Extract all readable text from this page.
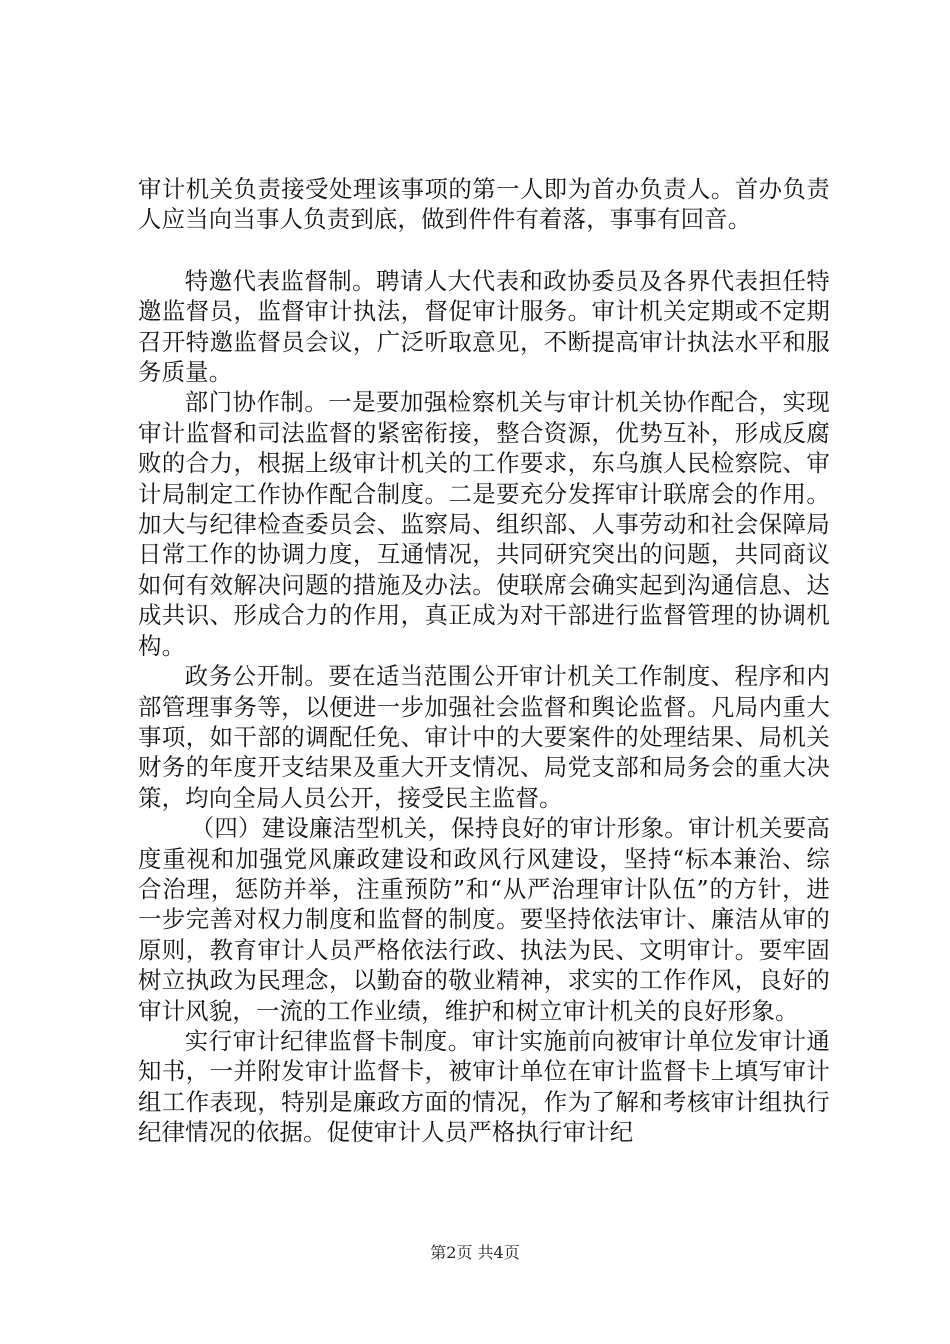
审计机关负责接受处理该事项的第一人即为首办负责人。首办负责人应当向当事人负责到底，做到件件有着落，事事有回音。

特邀代表监督制。聘请人大代表和政协委员及各界代表担任特邀监督员，监督审计执法，督促审计服务。审计机关定期或不定期召开特邀监督员会议，广泛听取意见，不断提高审计执法水平和服务质量。

部门协作制。一是要加强检察机关与审计机关协作配合，实现审计监督和司法监督的紧密衔接，整合资源，优势互补，形成反腐败的合力，根据上级审计机关的工作要求，东乌旗人民检察院、审计局制定工作协作配合制度。二是要充分发挥审计联席会的作用。加大与纪律检查委员会、监察局、组织部、人事劳动和社会保障局日常工作的协调力度，互通情况，共同研究突出的问题，共同商议如何有效解决问题的措施及办法。使联席会确实起到沟通信息、达成共识、形成合力的作用，真正成为对干部进行监督管理的协调机构。

政务公开制。要在适当范围公开审计机关工作制度、程序和内部管理事务等，以便进一步加强社会监督和舆论监督。凡局内重大事项，如干部的调配任免、审计中的大要案件的处理结果、局机关财务的年度开支结果及重大开支情况、局党支部和局务会的重大决策，均向全局人员公开，接受民主监督。

（四）建设廉洁型机关，保持良好的审计形象。审计机关要高度重视和加强党风廉政建设和政风行风建设，坚持“标本兼治、综合治理，惩防并举，注重预防”和“从严治理审计队伍”的方针，进一步完善对权力制度和监督的制度。要坚持依法审计、廉洁从审的原则，教育审计人员严格依法行政、执法为民、文明审计。要牢固树立执政为民理念，以勤奋的敬业精神，求实的工作作风，良好的审计风貌，一流的工作业绩，维护和树立审计机关的良好形象。

实行审计纪律监督卡制度。审计实施前向被审计单位发审计通知书，一并附发审计监督卡，被审计单位在审计监督卡上填写审计组工作表现，特别是廉政方面的情况，作为了解和考核审计组执行纪律情况的依据。促使审计人员严格执行审计纪

第2页 共4页
